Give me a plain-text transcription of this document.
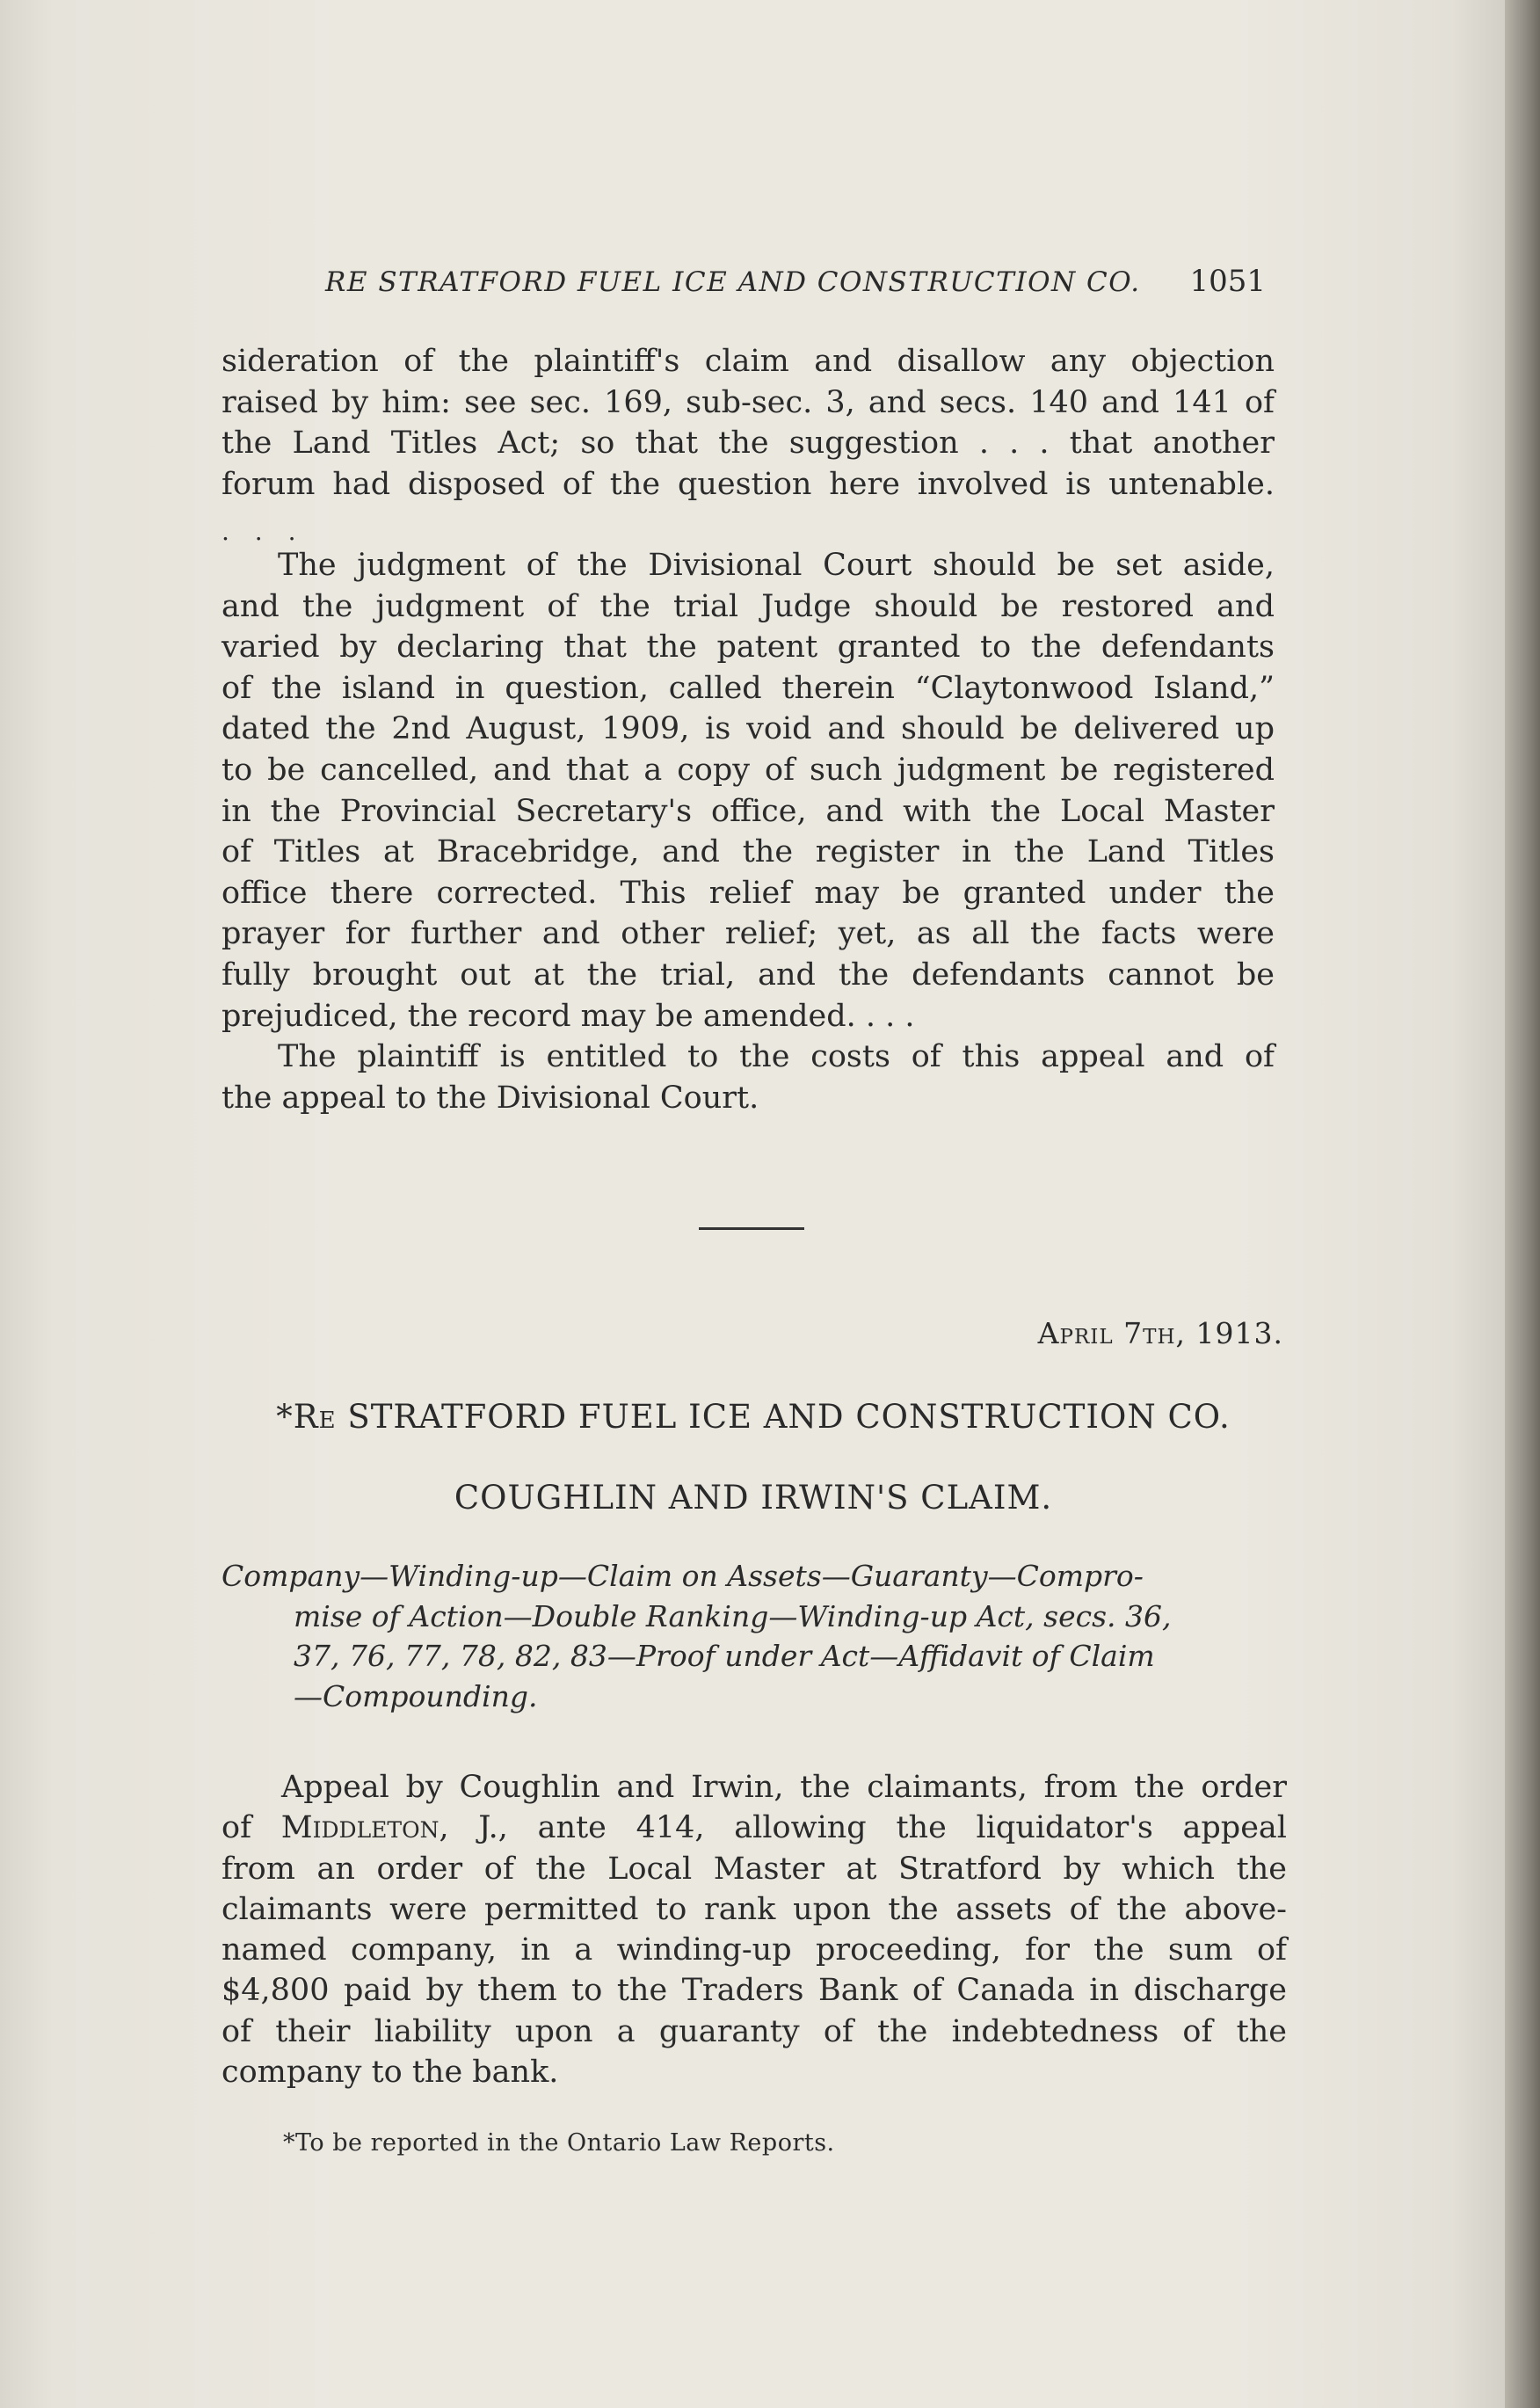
RE STRATFORD FUEL ICE AND CONSTRUCTION CO. 1051
sideration of the plaintiff's claim and disallow any objection
raised by him: see sec. 169, sub-sec. 3, and secs. 140 and 141 of
the Land Titles Act; so that the suggestion . . . that another
forum had disposed of the question here involved is untenable.
. . .
The judgment of the Divisional Court should be set aside,
and the judgment of the trial Judge should be restored and
varied by declaring that the patent granted to the defendants
of the island in question, called therein “Claytonwood Island,”
dated the 2nd August, 1909, is void and should be delivered up
to be cancelled, and that a copy of such judgment be registered
in the Provincial Secretary's office, and with the Local Master
of Titles at Bracebridge, and the register in the Land Titles
office there corrected. This relief may be granted under the
prayer for further and other relief; yet, as all the facts were
fully brought out at the trial, and the defendants cannot be
prejudiced, the record may be amended. . . .
The plaintiff is entitled to the costs of this appeal and of
the appeal to the Divisional Court.
April 7th, 1913.
*Re STRATFORD FUEL ICE AND CONSTRUCTION CO.
COUGHLIN AND IRWIN'S CLAIM.
Company—Winding-up—Claim on Assets—Guaranty—Compro-
mise of Action—Double Ranking—Winding-up Act, secs. 36,
37, 76, 77, 78, 82, 83—Proof under Act—Affidavit of Claim
—Compounding.
Appeal by Coughlin and Irwin, the claimants, from the order
of Middleton, J., ante 414, allowing the liquidator's appeal
from an order of the Local Master at Stratford by which the
claimants were permitted to rank upon the assets of the above-
named company, in a winding-up proceeding, for the sum of
$4,800 paid by them to the Traders Bank of Canada in discharge
of their liability upon a guaranty of the indebtedness of the
company to the bank.
*To be reported in the Ontario Law Reports.
